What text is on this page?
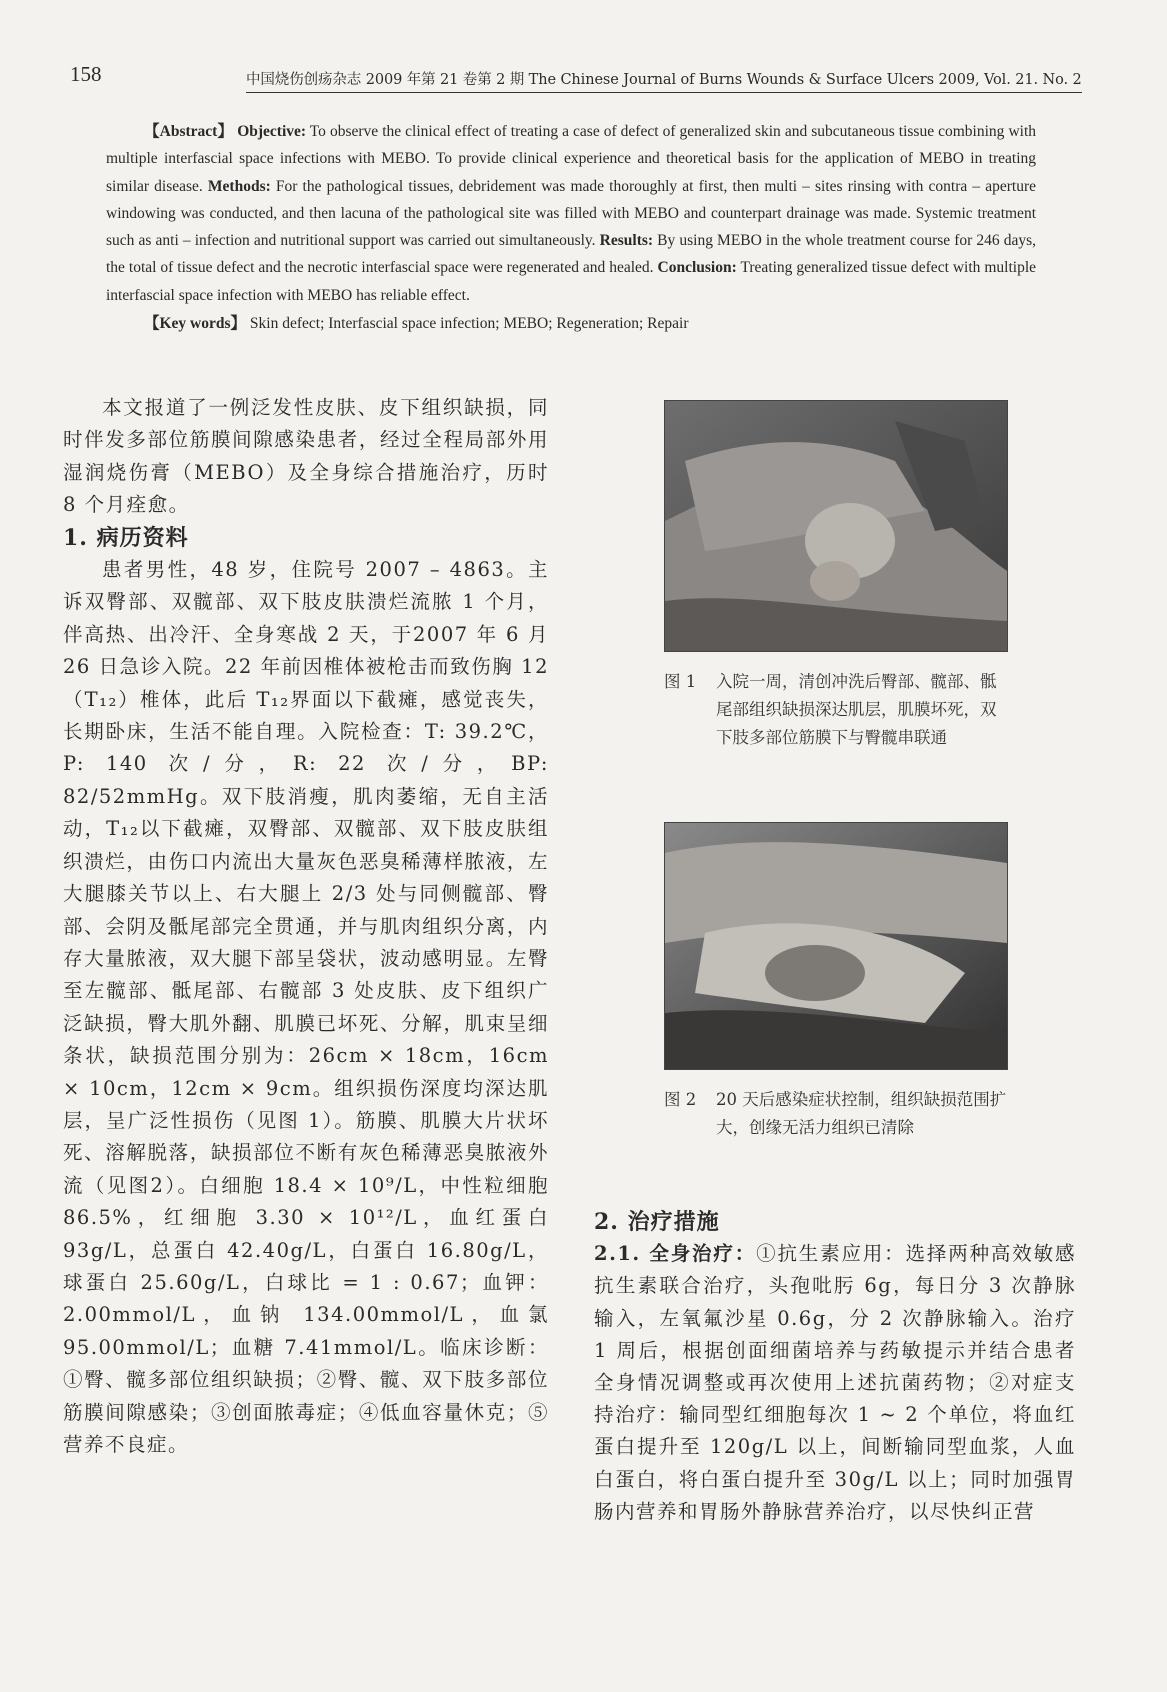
158	中国烧伤创疡杂志 2009 年第 21 卷第 2 期 The Chinese Journal of Burns Wounds & Surface Ulcers 2009, Vol. 21. No. 2

【Abstract】 Objective: To observe the clinical effect of treating a case of defect of generalized skin and subcutaneous tissue combining with multiple interfascial space infections with MEBO. To provide clinical experience and theoretical basis for the application of MEBO in treating similar disease. Methods: For the pathological tissues, debridement was made thoroughly at first, then multi – sites rinsing with contra – aperture windowing was conducted, and then lacuna of the pathological site was filled with MEBO and counterpart drainage was made. Systemic treatment such as anti – infection and nutritional support was carried out simultaneously. Results: By using MEBO in the whole treatment course for 246 days, the total of tissue defect and the necrotic interfascial space were regenerated and healed. Conclusion: Treating generalized tissue defect with multiple interfascial space infection with MEBO has reliable effect.

【Key words】 Skin defect; Interfascial space infection; MEBO; Regeneration; Repair

本文报道了一例泛发性皮肤、皮下组织缺损，同时伴发多部位筋膜间隙感染患者，经过全程局部外用湿润烧伤膏（MEBO）及全身综合措施治疗，历时 8 个月痊愈。

1. 病历资料

患者男性，48 岁，住院号 2007 – 4863。主诉双臀部、双髋部、双下肢皮肤溃烂流脓 1 个月，伴高热、出冷汗、全身寒战 2 天，于2007 年 6 月 26 日急诊入院。22 年前因椎体被枪击而致伤胸 12（T₁₂）椎体，此后 T₁₂界面以下截瘫，感觉丧失，长期卧床，生活不能自理。入院检查：T: 39.2℃，P: 140 次/分，R: 22 次/分，BP: 82/52mmHg。双下肢消瘦，肌肉萎缩，无自主活动，T₁₂以下截瘫，双臀部、双髋部、双下肢皮肤组织溃烂，由伤口内流出大量灰色恶臭稀薄样脓液，左大腿膝关节以上、右大腿上 2/3 处与同侧髋部、臀部、会阴及骶尾部完全贯通，并与肌肉组织分离，内存大量脓液，双大腿下部呈袋状，波动感明显。左臀至左髋部、骶尾部、右髋部 3 处皮肤、皮下组织广泛缺损，臀大肌外翻、肌膜已坏死、分解，肌束呈细条状，缺损范围分别为：26cm × 18cm，16cm × 10cm，12cm × 9cm。组织损伤深度均深达肌层，呈广泛性损伤（见图 1）。筋膜、肌膜大片状坏死、溶解脱落，缺损部位不断有灰色稀薄恶臭脓液外流（见图2）。白细胞 18.4 × 10⁹/L，中性粒细胞 86.5%，红细胞 3.30 × 10¹²/L，血红蛋白 93g/L，总蛋白 42.40g/L，白蛋白 16.80g/L，球蛋白 25.60g/L，白球比 = 1 : 0.67；血钾：2.00mmol/L，血钠 134.00mmol/L，血氯 95.00mmol/L；血糖 7.41mmol/L。临床诊断：①臀、髋多部位组织缺损；②臀、髋、双下肢多部位筋膜间隙感染；③创面脓毒症；④低血容量休克；⑤营养不良症。

图 1	入院一周，清创冲洗后臀部、髋部、骶尾部组织缺损深达肌层，肌膜坏死，双下肢多部位筋膜下与臀髋串联通
图 2	20 天后感染症状控制，组织缺损范围扩大，创缘无活力组织已清除

2. 治疗措施

2.1. 全身治疗：①抗生素应用：选择两种高效敏感抗生素联合治疗，头孢吡肟 6g，每日分 3 次静脉输入，左氧氟沙星 0.6g，分 2 次静脉输入。治疗 1 周后，根据创面细菌培养与药敏提示并结合患者全身情况调整或再次使用上述抗菌药物；②对症支持治疗：输同型红细胞每次 1 ~ 2 个单位，将血红蛋白提升至 120g/L 以上，间断输同型血浆，人血白蛋白，将白蛋白提升至 30g/L 以上；同时加强胃肠内营养和胃肠外静脉营养治疗，以尽快纠正营
